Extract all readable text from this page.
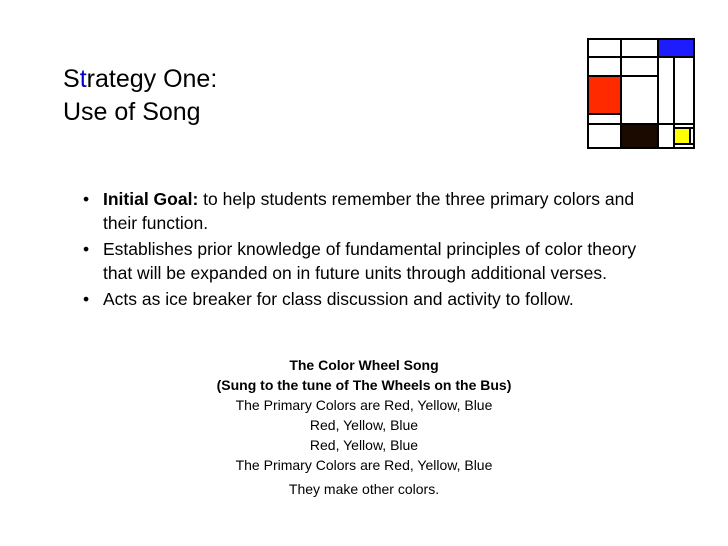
Strategy One:
Use of Song
• Initial Goal: to help students remember the three primary colors and their function.
• Establishes prior knowledge of fundamental principles of color theory that will be expanded on in future units through additional verses.
• Acts as ice breaker for class discussion and activity to follow.
The Color Wheel Song
(Sung to the tune of The Wheels on the Bus)
The Primary Colors are Red, Yellow, Blue
Red, Yellow, Blue
Red, Yellow, Blue
The Primary Colors are Red, Yellow, Blue
They make other colors.
